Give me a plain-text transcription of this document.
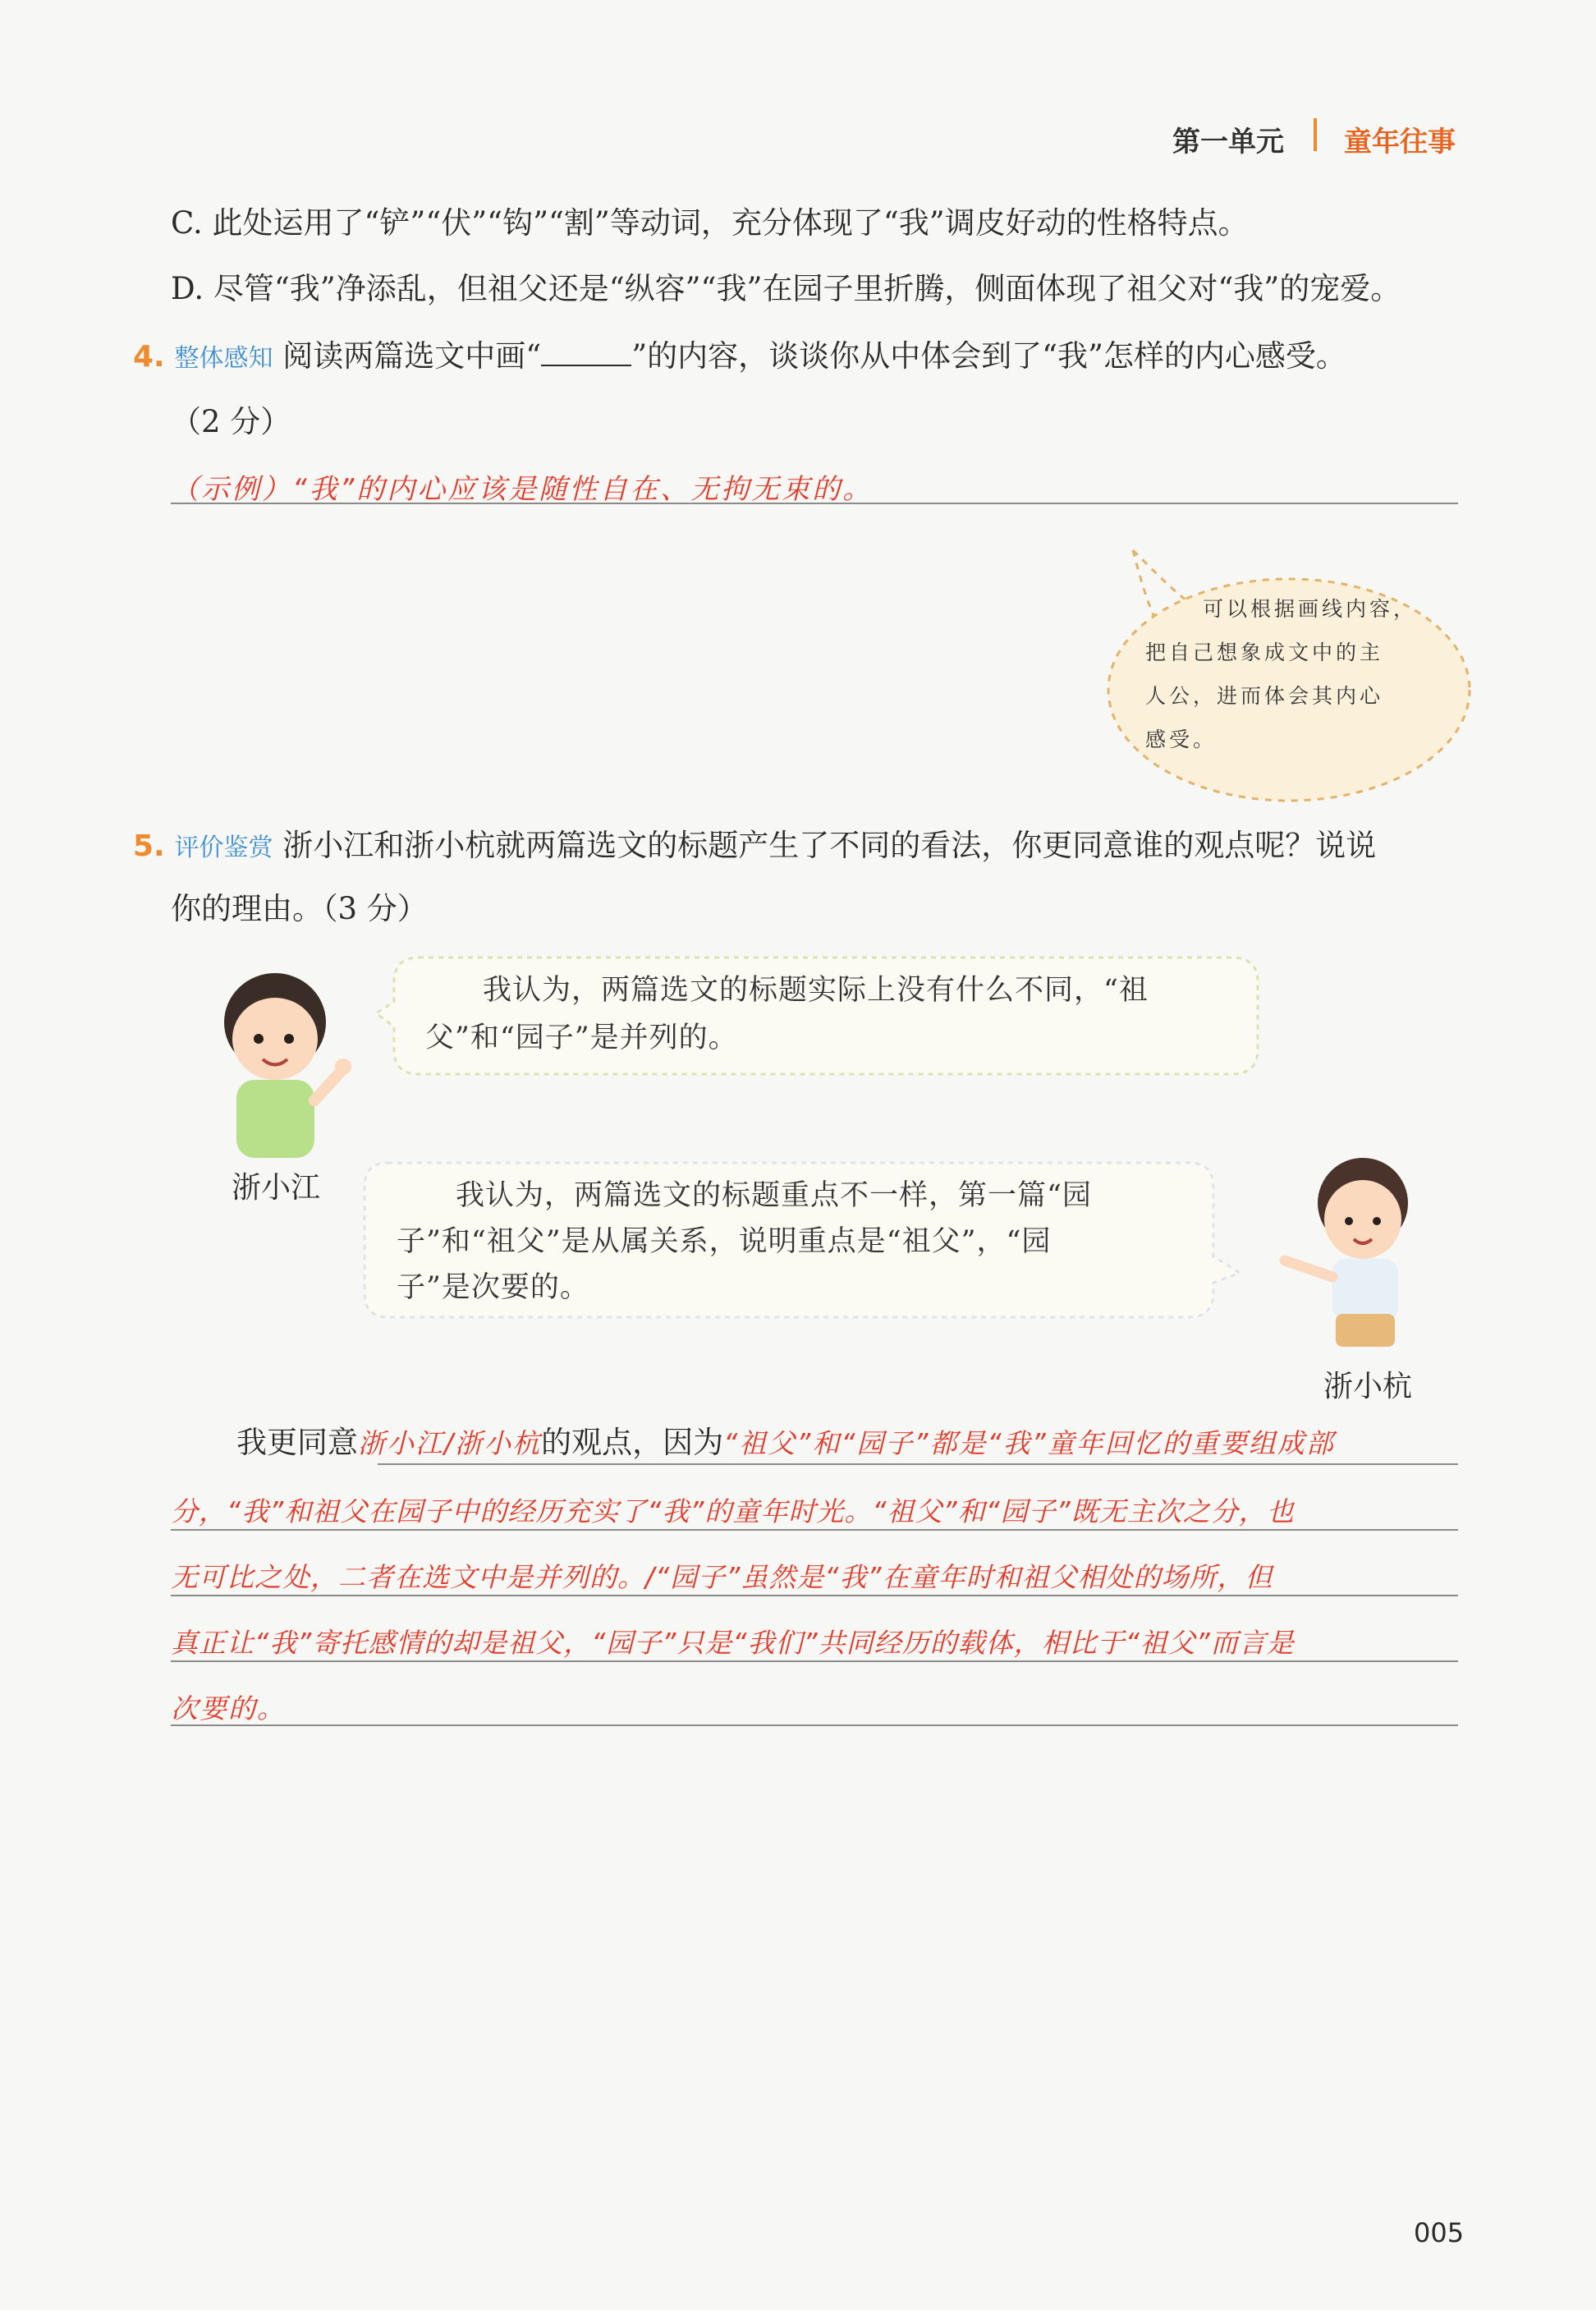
第一单元 童年往事
C. 此处运用了“铲”“伏”“钩”“割”等动词，充分体现了“我”调皮好动的性格特点。
D. 尽管“我”净添乱，但祖父还是“纵容”“我”在园子里折腾，侧面体现了祖父对“我”的宠爱。
4. 整体感知 阅读两篇选文中画“	”的内容，谈谈你从中体会到了“我”怎样的内心感受。
（2 分）
（示例）“我”的内心应该是随性自在、无拘无束的。
可以根据画线内容，
把自己想象成文中的主
人公，进而体会其内心
感受。
5. 评价鉴赏 浙小江和浙小杭就两篇选文的标题产生了不同的看法，你更同意谁的观点呢？说说
你的理由。（3 分）
我认为，两篇选文的标题实际上没有什么不同，“祖
父”和“园子”是并列的。
浙小江	我认为，两篇选文的标题重点不一样，第一篇“园
子”和“祖父”是从属关系，说明重点是“祖父”，“园
子”是次要的。
浙小杭
我更同意浙小江/浙小杭的观点，因为“祖父”和“园子”都是“我”童年回忆的重要组成部
分，“我”和祖父在园子中的经历充实了“我”的童年时光。“祖父”和“园子”既无主次之分，也
无可比之处，二者在选文中是并列的。/“园子”虽然是“我”在童年时和祖父相处的场所，但
真正让“我”寄托感情的却是祖父，“园子”只是“我们”共同经历的载体，相比于“祖父”而言是
次要的。
005
